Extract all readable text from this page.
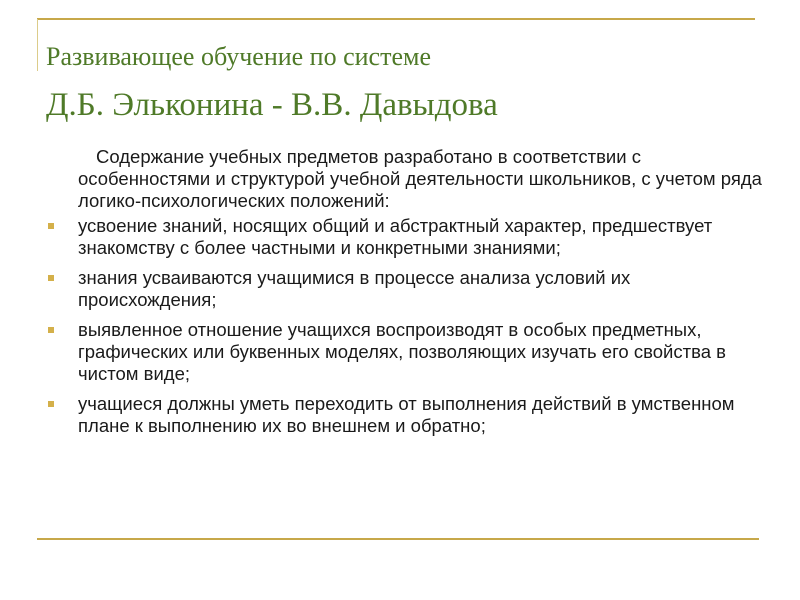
Развивающее обучение по системе
Д.Б. Эльконина - В.В. Давыдова

Содержание учебных предметов разработано в соответствии с особенностями и структурой учебной деятельности школьников, с учетом ряда логико-психологических положений:

усвоение знаний, носящих общий и абстрактный характер, предшествует знакомству с более частными и конкретными знаниями;
знания усваиваются учащимися в процессе анализа условий их происхождения;
выявленное отношение учащихся воспроизводят в особых предметных, графических или буквенных моделях, позволяющих изучать его свойства в чистом виде;
учащиеся должны уметь переходить от выполнения действий в умственном плане к выполнению их во внешнем и обратно;
